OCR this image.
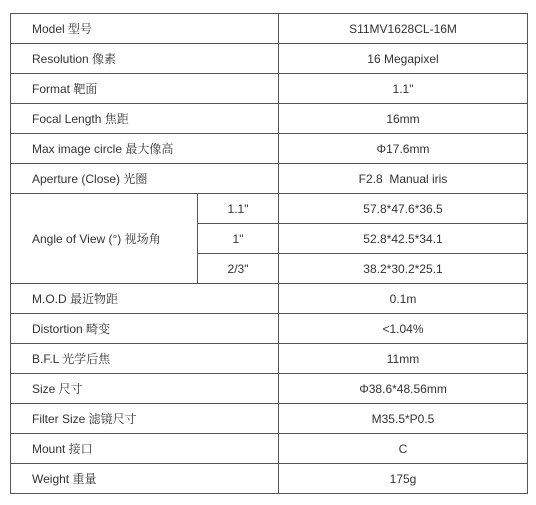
Model 型号		S11MV1628CL-16M
Resolution 像素		16 Megapixel
Format 靶面		1.1"
Focal Length 焦距		16mm
Max image circle 最大像高		Φ17.6mm
Aperture (Close) 光圈		F2.8  Manual iris
Angle of View (°) 视场角	1.1"	57.8*47.6*36.5
	1"	52.8*42.5*34.1
	2/3"	38.2*30.2*25.1
M.O.D 最近物距		0.1m
Distortion 畸变		<1.04%
B.F.L 光学后焦		11mm
Size 尺寸		Φ38.6*48.56mm
Filter Size 滤镜尺寸		M35.5*P0.5
Mount 接口		C
Weight 重量		175g
